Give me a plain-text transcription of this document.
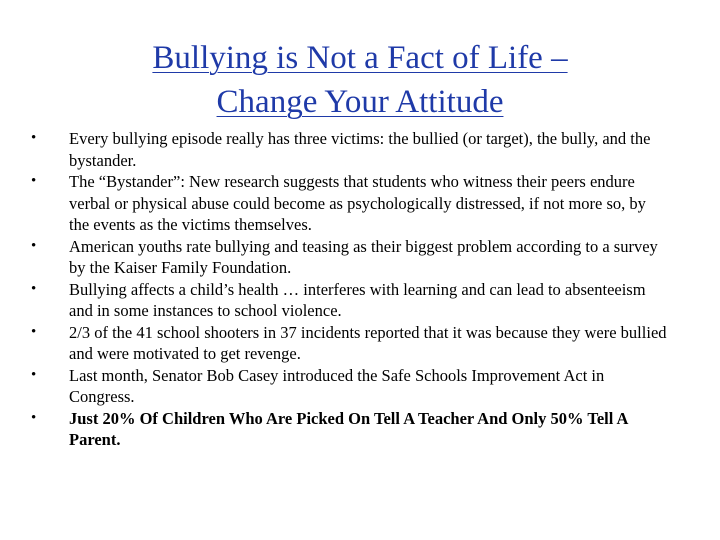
Bullying is Not a Fact of Life –
Change Your Attitude
•	Every bullying episode really has three victims: the bullied (or target), the bully, and the bystander.
•	The “Bystander”: New research suggests that students who witness their peers endure verbal or physical abuse could become as psychologically distressed, if not more so, by the events as the victims themselves.
•	American youths rate bullying and teasing as their biggest problem according to a survey by the Kaiser Family Foundation.
•	Bullying affects a child’s health … interferes with learning and can lead to absenteeism and in some instances to school violence.
•	2/3 of the 41 school shooters in 37 incidents reported that it was because they were bullied and were motivated to get revenge.
•	Last month, Senator Bob Casey introduced the Safe Schools Improvement Act in Congress.
•	Just 20% Of Children Who Are Picked On Tell A Teacher And Only 50% Tell A Parent.
